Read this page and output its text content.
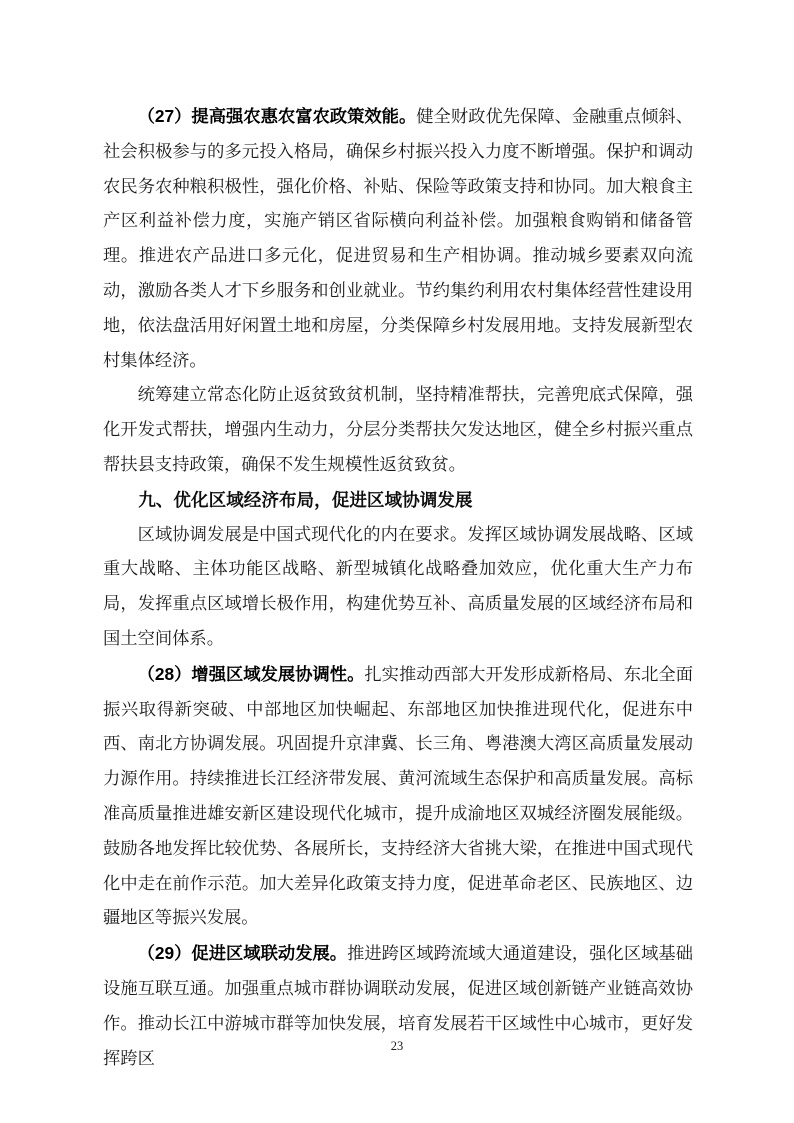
（27）提高强农惠农富农政策效能。健全财政优先保障、金融重点倾斜、社会积极参与的多元投入格局，确保乡村振兴投入力度不断增强。保护和调动农民务农种粮积极性，强化价格、补贴、保险等政策支持和协同。加大粮食主产区利益补偿力度，实施产销区省际横向利益补偿。加强粮食购销和储备管理。推进农产品进口多元化，促进贸易和生产相协调。推动城乡要素双向流动，激励各类人才下乡服务和创业就业。节约集约利用农村集体经营性建设用地，依法盘活用好闲置土地和房屋，分类保障乡村发展用地。支持发展新型农村集体经济。

统筹建立常态化防止返贫致贫机制，坚持精准帮扶，完善兜底式保障，强化开发式帮扶，增强内生动力，分层分类帮扶欠发达地区，健全乡村振兴重点帮扶县支持政策，确保不发生规模性返贫致贫。

九、优化区域经济布局，促进区域协调发展

区域协调发展是中国式现代化的内在要求。发挥区域协调发展战略、区域重大战略、主体功能区战略、新型城镇化战略叠加效应，优化重大生产力布局，发挥重点区域增长极作用，构建优势互补、高质量发展的区域经济布局和国土空间体系。

（28）增强区域发展协调性。扎实推动西部大开发形成新格局、东北全面振兴取得新突破、中部地区加快崛起、东部地区加快推进现代化，促进东中西、南北方协调发展。巩固提升京津冀、长三角、粤港澳大湾区高质量发展动力源作用。持续推进长江经济带发展、黄河流域生态保护和高质量发展。高标准高质量推进雄安新区建设现代化城市，提升成渝地区双城经济圈发展能级。鼓励各地发挥比较优势、各展所长，支持经济大省挑大梁，在推进中国式现代化中走在前作示范。加大差异化政策支持力度，促进革命老区、民族地区、边疆地区等振兴发展。

（29）促进区域联动发展。推进跨区域跨流域大通道建设，强化区域基础设施互联互通。加强重点城市群协调联动发展，促进区域创新链产业链高效协作。推动长江中游城市群等加快发展，培育发展若干区域性中心城市，更好发挥跨区

23
